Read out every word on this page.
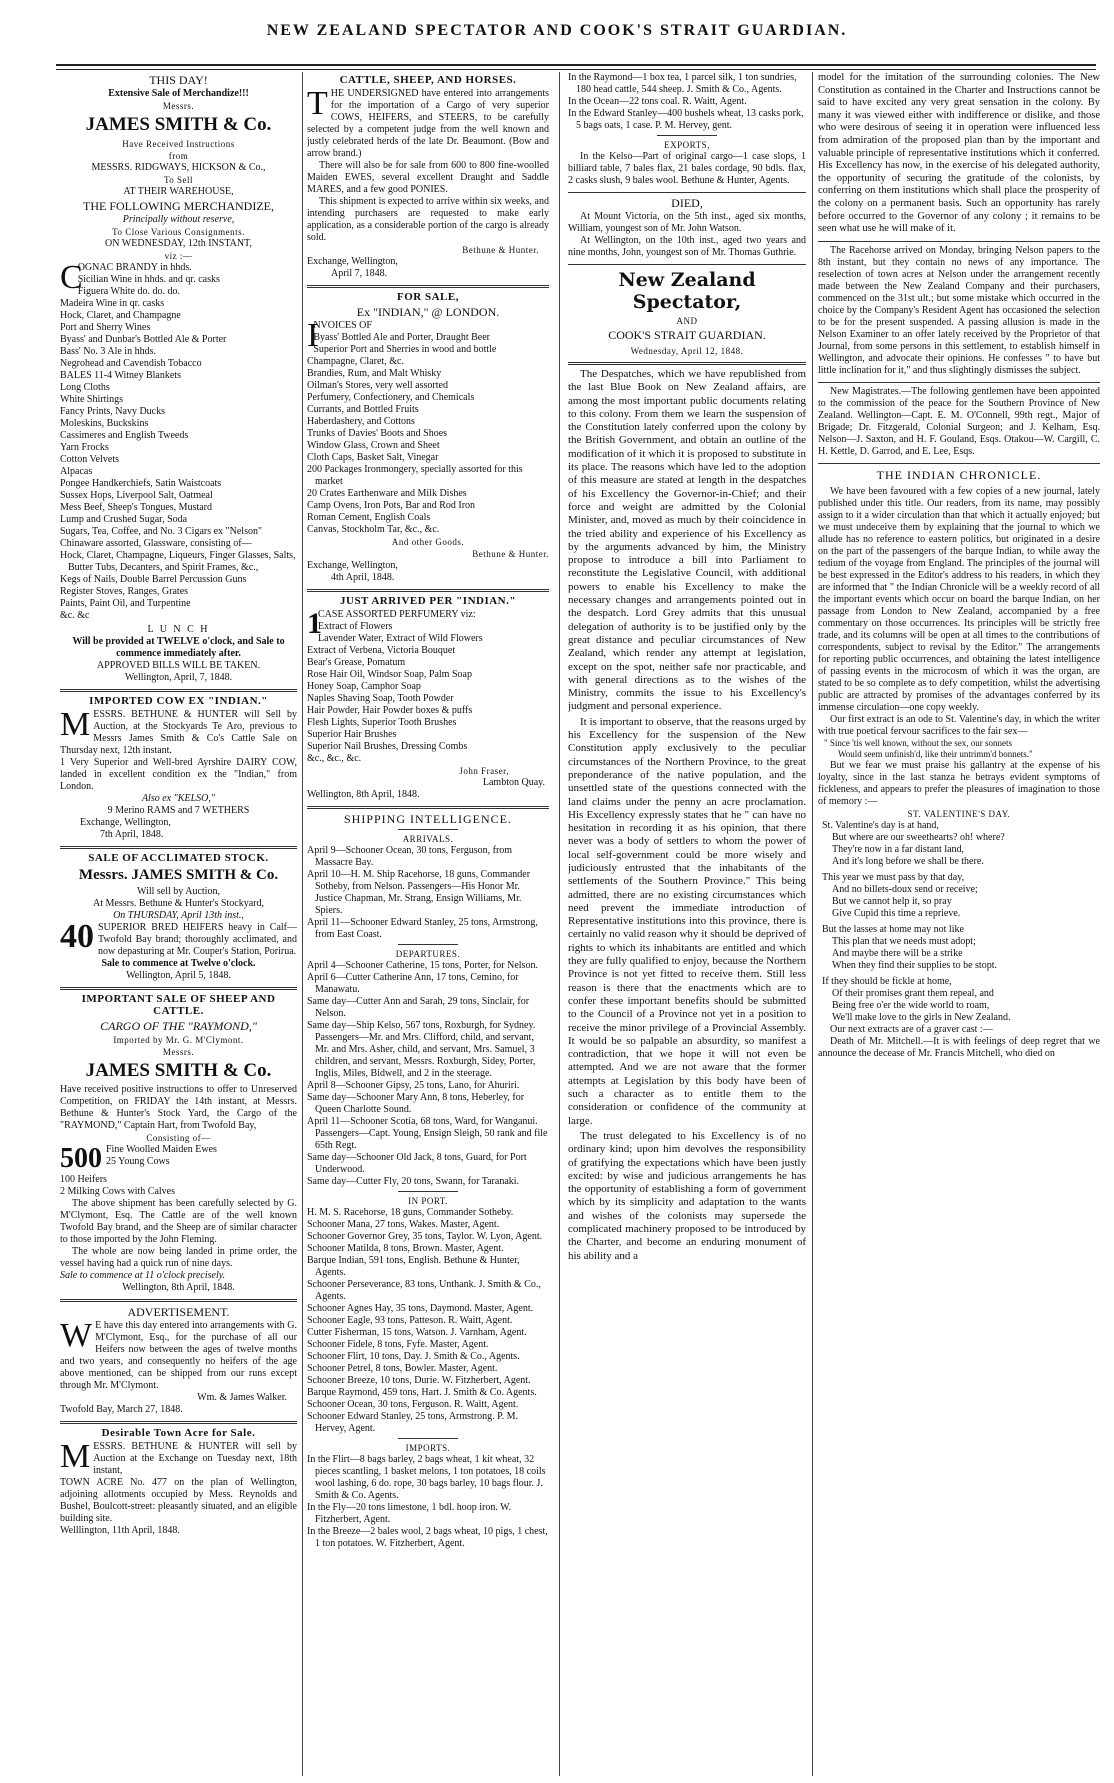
NEW ZEALAND SPECTATOR AND COOK'S STRAIT GUARDIAN.
THIS DAY!
Extensive Sale of Merchandize!!!
Messrs.
JAMES SMITH & Co.
Have Received Instructions
from
MESSRS. RIDGWAYS, HICKSON & Co.,
To Sell
AT THEIR WAREHOUSE,
THE FOLLOWING MERCHANDIZE,
Principally without reserve,
To Close Various Consignments.
ON WEDNESDAY, 12th INSTANT,
viz :—
C
OGNAC BRANDY in hhds.
Sicilian Wine in hhds. and qr. casks
Figuera White do. do. do.
Madeira Wine in qr. casks
Hock, Claret, and Champagne
Port and Sherry Wines
Byass' and Dunbar's Bottled Ale & Porter
Bass' No. 3 Ale in hhds.
Negrohead and Cavendish Tobacco
BALES 11-4 Witney Blankets
Long Cloths
White Shirtings
Fancy Prints, Navy Ducks
Moleskins, Buckskins
Cassimeres and English Tweeds
Yarn Frocks
Cotton Velvets
Alpacas
Pongee Handkerchiefs, Satin Waistcoats
Sussex Hops, Liverpool Salt, Oatmeal
Mess Beef, Sheep's Tongues, Mustard
Lump and Crushed Sugar, Soda
Sugars, Tea, Coffee, and No. 3 Cigars ex "Nelson"
Chinaware assorted, Glassware, consisting of—
Hock, Claret, Champagne, Liqueurs, Finger Glasses, Salts, Butter Tubs, Decanters, and Spirit Frames, &c.,
Kegs of Nails, Double Barrel Percussion Guns
Register Stoves, Ranges, Grates
Paints, Paint Oil, and Turpentine
&c. &c
L U N C H
Will be provided at TWELVE o'clock, and Sale to commence immediately after.
APPROVED BILLS WILL BE TAKEN.
Wellington, April, 7, 1848.
IMPORTED COW EX "INDIAN."
MESSRS. BETHUNE & HUNTER will Sell by Auction, at the Stockyards Te Aro, previous to Messrs James Smith & Co's Cattle Sale on Thursday next, 12th instant.
1 Very Superior and Well-bred Ayrshire DAIRY COW, landed in excellent condition ex the "Indian," from London.
Also ex "KELSO,"
9 Merino RAMS and 7 WETHERS
Exchange, Wellington,
7th April, 1848.
SALE OF ACCLIMATED STOCK.
Messrs. JAMES SMITH & Co.
Will sell by Auction,
At Messrs. Bethune & Hunter's Stockyard,
On THURSDAY, April 13th inst.,
40 SUPERIOR BRED HEIFERS heavy in Calf—Twofold Bay brand; thoroughly acclimated, and now depasturing at Mr. Couper's Station, Porirua.
Sale to commence at Twelve o'clock.
Wellington, April 5, 1848.
IMPORTANT SALE OF SHEEP AND CATTLE.
CARGO OF THE "RAYMOND,"
Imported by Mr. G. M'Clymont.
Messrs.
JAMES SMITH & Co.
Have received positive instructions to offer to Unreserved Competition, on FRIDAY the 14th instant, at Messrs. Bethune & Hunter's Stock Yard, the Cargo of the "RAYMOND," Captain Hart, from Twofold Bay,
Consisting of—
500 Fine Woolled Maiden Ewes
25 Young Cows
100 Heifers
2 Milking Cows with Calves
The above shipment has been carefully selected by G. M'Clymont, Esq. The Cattle are of the well known Twofold Bay brand, and the Sheep are of similar character to those imported by the John Fleming.
The whole are now being landed in prime order, the vessel having had a quick run of nine days.
Sale to commence at 11 o'clock precisely.
Wellington, 8th April, 1848.
ADVERTISEMENT.
W E have this day entered into arrangements with G. M'Clymont, Esq., for the purchase of all our Heifers now between the ages of twelve months and two years, and consequently no heifers of the age above mentioned, can be shipped from our runs except through Mr. M'Clymont.
Wm. & James Walker.
Twofold Bay, March 27, 1848.
Desirable Town Acre for Sale.
MESSRS. BETHUNE & HUNTER will sell by Auction at the Exchange on Tuesday next, 18th instant,
TOWN ACRE No. 477 on the plan of Wellington, adjoining allotments occupied by Mess. Reynolds and Bushel, Boulcott-street: pleasantly situated, and an eligible building site.
Welllington, 11th April, 1848.
CATTLE, SHEEP, AND HORSES.
THE UNDERSIGNED have entered into arrangements for the importation of a Cargo of very superior COWS, HEIFERS, and STEERS, to be carefully selected by a competent judge from the well known and justly celebrated herds of the late Dr. Beaumont. (Bow and arrow brand.)
There will also be for sale from 600 to 800 fine-woolled Maiden EWES, several excellent Draught and Saddle MARES, and a few good PONIES.
This shipment is expected to arrive within six weeks, and intending purchasers are requested to make early application, as a considerable portion of the cargo is already sold.
Bethune & Hunter.
Exchange, Wellington,
April 7, 1848.
FOR SALE,
Ex "INDIAN," @ LONDON.
I
NVOICES OF
Byass' Bottled Ale and Porter, Draught Beer
Superior Port and Sherries in wood and bottle
Champagne, Claret, &c.
Brandies, Rum, and Malt Whisky
Oilman's Stores, very well assorted
Perfumery, Confectionery, and Chemicals
Currants, and Bottled Fruits
Haberdashery, and Cottons
Trunks of Davies' Boots and Shoes
Window Glass, Crown and Sheet
Cloth Caps, Basket Salt, Vinegar
200 Packages Ironmongery, specially assorted for this market
20 Crates Earthenware and Milk Dishes
Camp Ovens, Iron Pots, Bar and Rod Iron
Roman Cement, English Coals
Canvas, Stockholm Tar, &c., &c.
And other Goods.
Bethune & Hunter.
Exchange, Wellington,
4th April, 1848.
JUST ARRIVED PER "INDIAN."
1
CASE ASSORTED PERFUMERY viz:
Extract of Flowers
Lavender Water, Extract of Wild Flowers
Extract of Verbena, Victoria Bouquet
Bear's Grease, Pomatum
Rose Hair Oil, Windsor Soap, Palm Soap
Honey Soap, Camphor Soap
Naples Shaving Soap, Tooth Powder
Hair Powder, Hair Powder boxes & puffs
Flesh Lights, Superior Tooth Brushes
Superior Hair Brushes
Superior Nail Brushes, Dressing Combs
&c., &c., &c.
John Fraser,
Lambton Quay.
Wellington, 8th April, 1848.
SHIPPING INTELLIGENCE.
ARRIVALS.
April 9—Schooner Ocean, 30 tons, Ferguson, from Massacre Bay.
April 10—H. M. Ship Racehorse, 18 guns, Commander Sotheby, from Nelson. Passengers—His Honor Mr. Justice Chapman, Mr. Strang, Ensign Williams, Mr. Spiers.
April 11—Schooner Edward Stanley, 25 tons, Armstrong, from East Coast.
DEPARTURES.
April 4—Schooner Catherine, 15 tons, Porter, for Nelson.
April 6—Cutter Catherine Ann, 17 tons, Cemino, for Manawatu.
Same day—Cutter Ann and Sarah, 29 tons, Sinclair, for Nelson.
Same day—Ship Kelso, 567 tons, Roxburgh, for Sydney. Passengers—Mr. and Mrs. Clifford, child, and servant, Mr. and Mrs. Asher, child, and servant, Mrs. Samuel, 3 children, and servant, Messrs. Roxburgh, Sidey, Porter, Inglis, Miles, Bidwell, and 2 in the steerage.
April 8—Schooner Gipsy, 25 tons, Lano, for Ahuriri.
Same day—Schooner Mary Ann, 8 tons, Heberley, for Queen Charlotte Sound.
April 11—Schooner Scotia, 68 tons, Ward, for Wanganui. Passengers—Capt. Young, Ensign Sleigh, 50 rank and file 65th Regt.
Same day—Schooner Old Jack, 8 tons, Guard, for Port Underwood.
Same day—Cutter Fly, 20 tons, Swann, for Taranaki.
IN PORT.
H. M. S. Racehorse, 18 guns, Commander Sotheby.
Schooner Mana, 27 tons, Wakes. Master, Agent.
Schooner Governor Grey, 35 tons, Taylor. W. Lyon, Agent.
Schooner Matilda, 8 tons, Brown. Master, Agent.
Barque Indian, 591 tons, English. Bethune & Hunter, Agents.
Schooner Perseverance, 83 tons, Unthank. J. Smith & Co., Agents.
Schooner Agnes Hay, 35 tons, Daymond. Master, Agent.
Schooner Eagle, 93 tons, Patteson. R. Waitt, Agent.
Cutter Fisherman, 15 tons, Watson. J. Varnham, Agent.
Schooner Fidele, 8 tons, Fyfe. Master, Agent.
Schooner Flirt, 10 tons, Day. J. Smith & Co., Agents.
Schooner Petrel, 8 tons, Bowler. Master, Agent.
Schooner Breeze, 10 tons, Durie. W. Fitzherbert, Agent.
Barque Raymond, 459 tons, Hart. J. Smith & Co. Agents.
Schooner Ocean, 30 tons, Ferguson. R. Waitt, Agent.
Schooner Edward Stanley, 25 tons, Armstrong. P. M. Hervey, Agent.
IMPORTS.
In the Flirt—8 bags barley, 2 bags wheat, 1 kit wheat, 32 pieces scantling, 1 basket melons, 1 ton potatoes, 18 coils wool lashing, 6 do. rope, 30 bags barley, 10 bags flour. J. Smith & Co. Agents.
In the Fly—20 tons limestone, 1 bdl. hoop iron. W. Fitzherbert, Agent.
In the Breeze—2 bales wool, 2 bags wheat, 10 pigs, 1 chest, 1 ton potatoes. W. Fitzherbert, Agent.
In the Raymond—1 box tea, 1 parcel silk, 1 ton sundries, 180 head cattle, 544 sheep. J. Smith & Co., Agents.
In the Ocean—22 tons coal. R. Waitt, Agent.
In the Edward Stanley—400 bushels wheat, 13 casks pork, 5 bags oats, 1 case. P. M. Hervey, gent.
EXPORTS,
In the Kelso—Part of original cargo—1 case slops, 1 billiard table, 7 bales flax, 21 bales cordage, 90 bdls. flax, 2 casks slush, 9 bales wool. Bethune & Hunter, Agents.
DIED,
At Mount Victoria, on the 5th inst., aged six months, William, youngest son of Mr. John Watson.
At Wellington, on the 10th inst., aged two years and nine months, John, youngest son of Mr. Thomas Guthrie.
New Zealand Spectator,
AND
COOK'S STRAIT GUARDIAN.
Wednesday, April 12, 1848.
The Despatches, which we have republished from the last Blue Book on New Zealand affairs, are among the most important public documents relating to this colony. From them we learn the suspension of the Constitution lately conferred upon the colony by the British Government, and obtain an outline of the modification of it which it is proposed to substitute in its place. The reasons which have led to the adoption of this measure are stated at length in the despatches of his Excellency the Governor-in-Chief; and their force and weight are admitted by the Colonial Minister, and, moved as much by their coincidence in the tried ability and experience of his Excellency as by the arguments advanced by him, the Ministry propose to introduce a bill into Parliament to reconstitute the Legislative Council, with additional powers to enable his Excellency to make the necessary changes and arrangements pointed out in the despatch. Lord Grey admits that this unusual delegation of authority is to be justified only by the great distance and peculiar circumstances of New Zealand, which render any attempt at legislation, except on the spot, neither safe nor practicable, and with general directions as to the wishes of the Ministry, commits the issue to his Excellency's judgment and personal experience.
It is important to observe, that the reasons urged by his Excellency for the suspension of the New Constitution apply exclusively to the peculiar circumstances of the Northern Province, to the great preponderance of the native population, and the unsettled state of the questions connected with the land claims under the penny an acre proclamation. His Excellency expressly states that he " can have no hesitation in recording it as his opinion, that there never was a body of settlers to whom the power of local self-government could be more wisely and judiciously entrusted that the inhabitants of the settlements of the Southern Province." This being admitted, there are no existing circumstances which need prevent the immediate introduction of Representative institutions into this province, there is certainly no valid reason why it should be deprived of rights to which its inhabitants are entitled and which they are fully qualified to enjoy, because the Northern Province is not yet fitted to receive them. Still less reason is there that the enactments which are to confer these important benefits should be submitted to the Council of a Province not yet in a position to receive the minor privilege of a Provincial Assembly. It would be so palpable an absurdity, so manifest a contradiction, that we hope it will not even be attempted. And we are not aware that the former attempts at Legislation by this body have been of such a character as to entitle them to the consideration or confidence of the community at large.
The trust delegated to his Excellency is of no ordinary kind; upon him devolves the responsibility of gratifying the expectations which have been justly excited: by wise and judicious arrangements he has the opportunity of establishing a form of government which by its simplicity and adaptation to the wants and wishes of the colonists may supersede the complicated machinery proposed to be introduced by the Charter, and become an enduring monument of his ability and a
model for the imitation of the surrounding colonies. The New Constitution as contained in the Charter and Instructions cannot be said to have excited any very great sensation in the colony. By many it was viewed either with indifference or dislike, and those who were desirous of seeing it in operation were influenced less from admiration of the proposed plan than by the important and valuable principle of representative institutions which it conferred. His Excellency has now, in the exercise of his delegated authority, the opportunity of securing the gratitude of the colonists, by conferring on them institutions which shall place the prosperity of the colony on a permanent basis. Such an opportunity has rarely before occurred to the Governor of any colony ; it remains to be seen what use he will make of it.
The Racehorse arrived on Monday, bringing Nelson papers to the 8th instant, but they contain no news of any importance. The reselection of town acres at Nelson under the arrangement recently made between the New Zealand Company and their purchasers, commenced on the 31st ult.; but some mistake which occurred in the choice by the Company's Resident Agent has occasioned the selection to be for the present suspended. A passing allusion is made in the Nelson Examiner to an offer lately received by the Proprietor of that Journal, from some persons in this settlement, to establish himself in Wellington, and advocate their opinions. He confesses " to have but little inclination for it," and thus slightingly dismisses the subject.
New Magistrates.—The following gentlemen have been appointed to the commission of the peace for the Southern Province of New Zealand. Wellington—Capt. E. M. O'Connell, 99th regt., Major of Brigade; Dr. Fitzgerald, Colonial Surgeon; and J. Kelham, Esq. Nelson—J. Saxton, and H. F. Gouland, Esqs. Otakou—W. Cargill, C. H. Kettle, D. Garrod, and E. Lee, Esqs.
THE INDIAN CHRONICLE.
We have been favoured with a few copies of a new journal, lately published under this title. Our readers, from its name, may possibly assign to it a wider circulation than that which it actually enjoyed; but we must undeceive them by explaining that the journal to which we allude has no reference to eastern politics, but originated in a desire on the part of the passengers of the barque Indian, to while away the tedium of the voyage from England. The principles of the journal will be best expressed in the Editor's address to his readers, in which they are informed that " the Indian Chronicle will be a weekly record of all the important events which occur on board the barque Indian, on her passage from London to New Zealand, accompanied by a free commentary on those occurrences. Its principles will be strictly free trade, and its columns will be open at all times to the contributions of correspondents, subject to revisal by the Editor." The arrangements for reporting public occurrences, and obtaining the latest intelligence of passing events in the microcosm of which it was the organ, are stated to be so complete as to defy competition, whilst the advertising public are attracted by promises of the advantages conferred by its immense circulation—one copy weekly.
Our first extract is an ode to St. Valentine's day, in which the writer with true poetical fervour sacrifices to the fair sex—
" Since 'tis well known, without the sex, our sonnets
Would seem unfinish'd, like their untrimm'd bonnets."
But we fear we must praise his gallantry at the expense of his loyalty, since in the last stanza he betrays evident symptoms of fickleness, and appears to prefer the pleasures of imagination to those of memory :—
ST. VALENTINE'S DAY.
St. Valentine's day is at hand,
But where are our sweethearts? oh! where?
They're now in a far distant land,
And it's long before we shall be there.
This year we must pass by that day,
And no billets-doux send or receive;
But we cannot help it, so pray
Give Cupid this time a reprieve.
But the lasses at home may not like
This plan that we needs must adopt;
And maybe there will be a strike
When they find their supplies to be stopt.
If they should be fickle at home,
Of their promises grant them repeal, and
Being free o'er the wide world to roam,
We'll make love to the girls in New Zealand.
Our next extracts are of a graver cast :—
Death of Mr. Mitchell.—It is with feelings of deep regret that we announce the decease of Mr. Francis Mitchell, who died on
